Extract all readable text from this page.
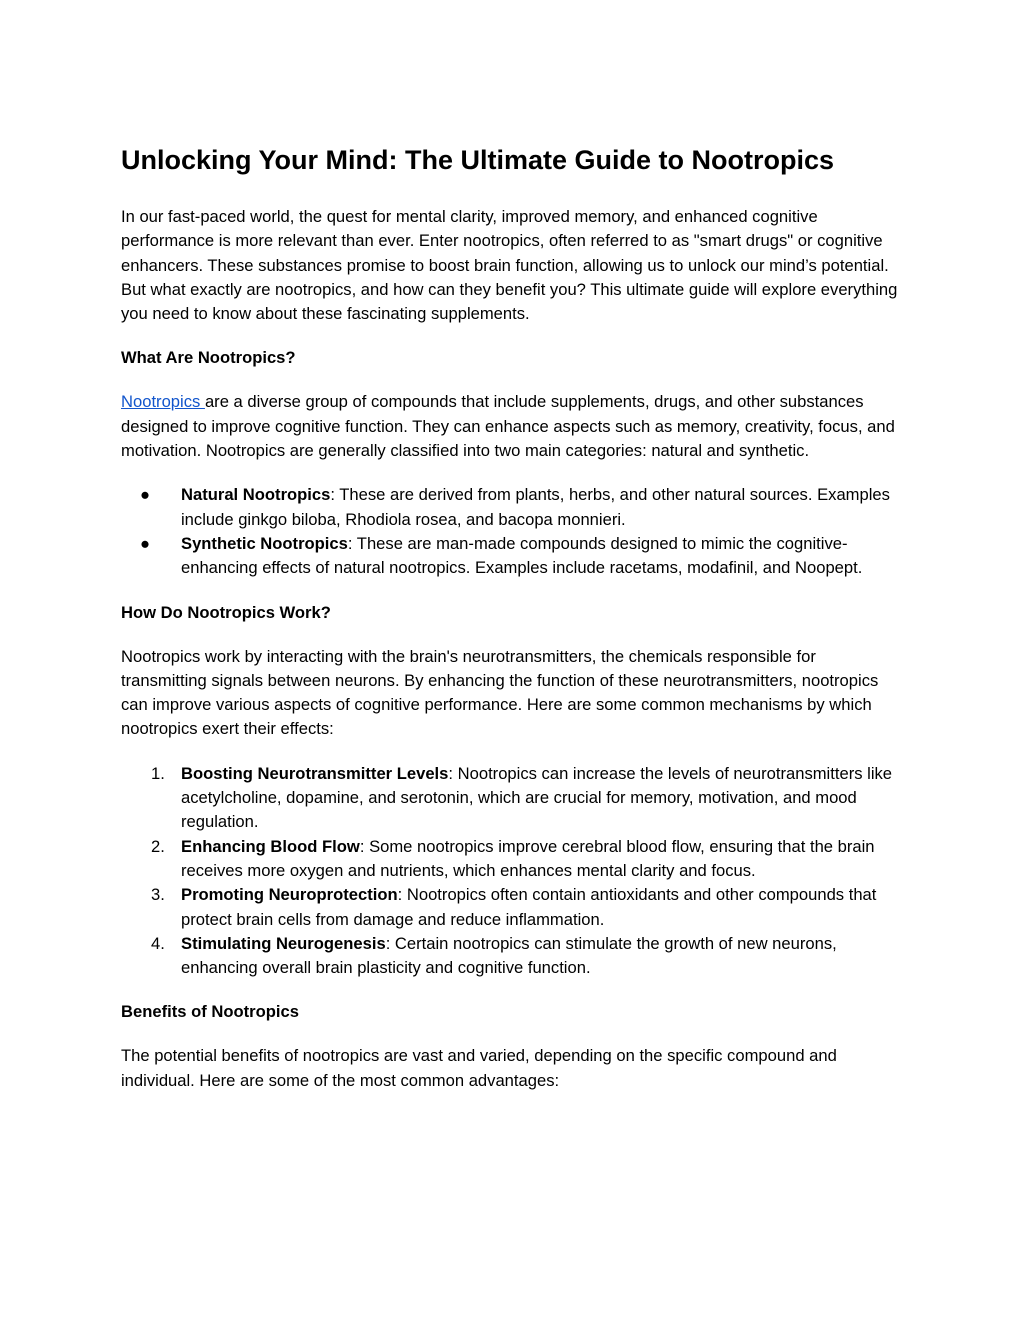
Unlocking Your Mind: The Ultimate Guide to Nootropics

In our fast-paced world, the quest for mental clarity, improved memory, and enhanced cognitive performance is more relevant than ever. Enter nootropics, often referred to as "smart drugs" or cognitive enhancers. These substances promise to boost brain function, allowing us to unlock our mind’s potential. But what exactly are nootropics, and how can they benefit you? This ultimate guide will explore everything you need to know about these fascinating supplements.

What Are Nootropics?

Nootropics are a diverse group of compounds that include supplements, drugs, and other substances designed to improve cognitive function. They can enhance aspects such as memory, creativity, focus, and motivation. Nootropics are generally classified into two main categories: natural and synthetic.

● Natural Nootropics: These are derived from plants, herbs, and other natural sources. Examples include ginkgo biloba, Rhodiola rosea, and bacopa monnieri.
● Synthetic Nootropics: These are man-made compounds designed to mimic the cognitive-enhancing effects of natural nootropics. Examples include racetams, modafinil, and Noopept.
How Do Nootropics Work?

Nootropics work by interacting with the brain's neurotransmitters, the chemicals responsible for transmitting signals between neurons. By enhancing the function of these neurotransmitters, nootropics can improve various aspects of cognitive performance. Here are some common mechanisms by which nootropics exert their effects:

1. Boosting Neurotransmitter Levels: Nootropics can increase the levels of neurotransmitters like acetylcholine, dopamine, and serotonin, which are crucial for memory, motivation, and mood regulation.
2. Enhancing Blood Flow: Some nootropics improve cerebral blood flow, ensuring that the brain receives more oxygen and nutrients, which enhances mental clarity and focus.
3. Promoting Neuroprotection: Nootropics often contain antioxidants and other compounds that protect brain cells from damage and reduce inflammation.
4. Stimulating Neurogenesis: Certain nootropics can stimulate the growth of new neurons, enhancing overall brain plasticity and cognitive function.
Benefits of Nootropics

The potential benefits of nootropics are vast and varied, depending on the specific compound and individual. Here are some of the most common advantages:
